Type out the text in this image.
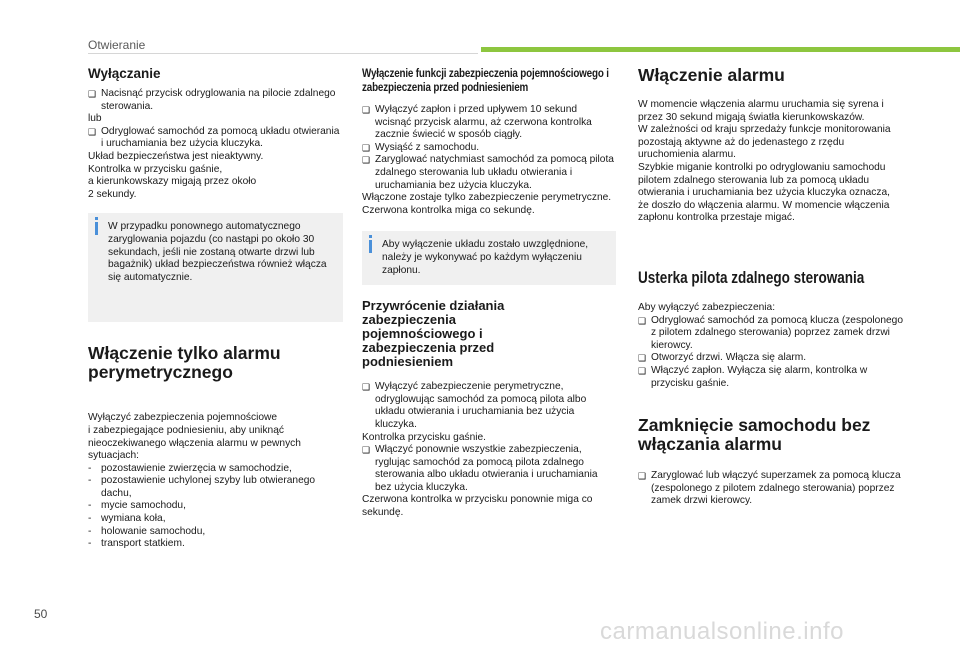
Otwieranie
Wyłączanie
❑ Nacisnąć przycisk odryglowania na pilocie zdalnego sterowania.

lub

❑ Odryglować samochód za pomocą układu otwierania i uruchamiania bez użycia kluczyka.

Układ bezpieczeństwa jest nieaktywny.

Kontrolka w przycisku gaśnie,

a kierunkowskazy migają przez około

2 sekundy.

W przypadku ponownego automatycznego zaryglowania pojazdu (co nastąpi po około 30 sekundach, jeśli nie zostaną otwarte drzwi lub bagażnik) układ bezpieczeństwa również włącza się automatycznie.

Włączenie tylko alarmu perymetrycznego

Wyłączyć zabezpieczenia pojemnościowe

i zabezpiegające podniesieniu, aby uniknąć nieoczekiwanego włączenia alarmu w pewnych sytuacjach:

- pozostawienie zwierzęcia w samochodzie,
- pozostawienie uchylonej szyby lub otwieranego dachu,
- mycie samochodu,
- wymiana koła,
- holowanie samochodu,
- transport statkiem.
Wyłączenie funkcji zabezpieczenia pojemnościowego i zabezpieczenia przed podniesieniem
❑ Wyłączyć zapłon i przed upływem 10 sekund wcisnąć przycisk alarmu, aż czerwona kontrolka zacznie świecić w sposób ciągły.
❑ Wysiąść z samochodu.
❑ Zaryglować natychmiast samochód za pomocą pilota zdalnego sterowania lub układu otwierania i uruchamiania bez użycia kluczyka.

Włączone zostaje tylko zabezpieczenie perymetryczne. Czerwona kontrolka miga co sekundę.

Aby wyłączenie układu zostało uwzględnione, należy je wykonywać po każdym wyłączeniu zapłonu.

Przywrócenie działania zabezpieczenia pojemnościowego i zabezpieczenia przed podniesieniem
❑ Wyłączyć zabezpieczenie perymetryczne, odryglowując samochód za pomocą pilota albo układu otwierania i uruchamiania bez użycia kluczyka.

Kontrolka przycisku gaśnie.

❑ Włączyć ponownie wszystkie zabezpieczenia, ryglując samochód za pomocą pilota zdalnego sterowania albo układu otwierania i uruchamiania bez użycia kluczyka.

Czerwona kontrolka w przycisku ponownie miga co sekundę.

Włączenie alarmu

W momencie włączenia alarmu uruchamia się syrena i przez 30 sekund migają światła kierunkowskazów.

W zależności od kraju sprzedaży funkcje monitorowania pozostają aktywne aż do jedenastego z rzędu uruchomienia alarmu.

Szybkie miganie kontrolki po odryglowaniu samochodu pilotem zdalnego sterowania lub za pomocą układu otwierania i uruchamiania bez użycia kluczyka oznacza, że doszło do włączenia alarmu. W momencie włączenia zapłonu kontrolka przestaje migać.

Usterka pilota zdalnego sterowania

Aby wyłączyć zabezpieczenia:

❑ Odryglować samochód za pomocą klucza (zespolonego z pilotem zdalnego sterowania) poprzez zamek drzwi kierowcy.
❑ Otworzyć drzwi. Włącza się alarm.
❑ Włączyć zapłon. Wyłącza się alarm, kontrolka w przycisku gaśnie.
Zamknięcie samochodu bez włączania alarmu
❑ Zaryglować lub włączyć superzamek za pomocą klucza (zespolonego z pilotem zdalnego sterowania) poprzez zamek drzwi kierowcy.
50
carmanualsonline.info
